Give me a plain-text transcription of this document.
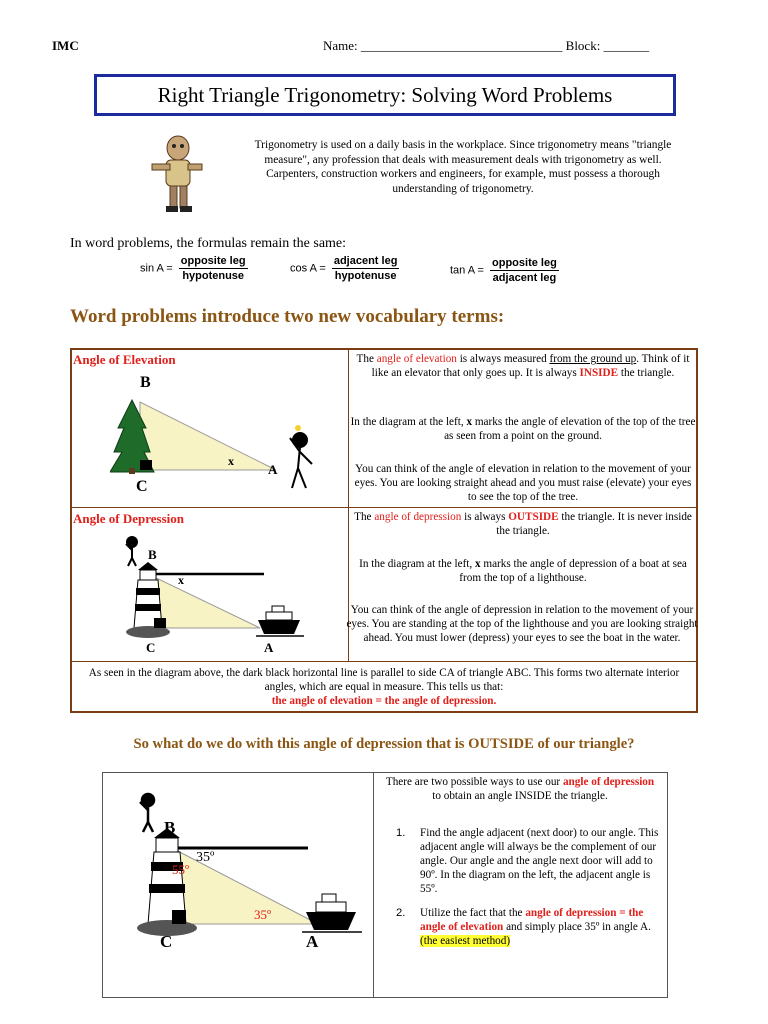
IMC	Name: _______________________________ Block: _______
Right Triangle Trigonometry: Solving Word Problems
Trigonometry is used on a daily basis in the workplace. Since trigonometry means "triangle measure", any profession that deals with measurement deals with trigonometry as well. Carpenters, construction workers and engineers, for example, must possess a thorough understanding of trigonometry.
In word problems, the formulas remain the same:
$\sin A = \frac{\text{opposite leg}}{\text{hypotenuse}}$	$\cos A = \frac{\text{adjacent leg}}{\text{hypotenuse}}$	$\tan A = \frac{\text{opposite leg}}{\text{adjacent leg}}$
Word problems introduce two new vocabulary terms:
Angle of Elevation
B
C
A
x
The angle of elevation is always measured from the ground up. Think of it like an elevator that only goes up. It is always INSIDE the triangle.
In the diagram at the left, x marks the angle of elevation of the top of the tree as seen from a point on the ground.
You can think of the angle of elevation in relation to the movement of your eyes. You are looking straight ahead and you must raise (elevate) your eyes to see the top of the tree.
Angle of Depression
B
C	A
x
The angle of depression is always OUTSIDE the triangle. It is never inside the triangle.
In the diagram at the left, x marks the angle of depression of a boat at sea from the top of a lighthouse.
You can think of the angle of depression in relation to the movement of your eyes. You are standing at the top of the lighthouse and you are looking straight ahead. You must lower (depress) your eyes to see the boat in the water.
As seen in the diagram above, the dark black horizontal line is parallel to side CA of triangle ABC. This forms two alternate interior angles, which are equal in measure. This tells us that:
the angle of elevation = the angle of depression.
So what do we do with this angle of depression that is OUTSIDE of our triangle?
B
C	A
35º
55º
35º
There are two possible ways to use our angle of depression to obtain an angle INSIDE the triangle.
1. Find the angle adjacent (next door) to our angle. This adjacent angle will always be the complement of our angle. Our angle and the angle next door will add to 90º. In the diagram on the left, the adjacent angle is 55º.
2. Utilize the fact that the angle of depression = the angle of elevation and simply place 35º in angle A. (the easiest method)
